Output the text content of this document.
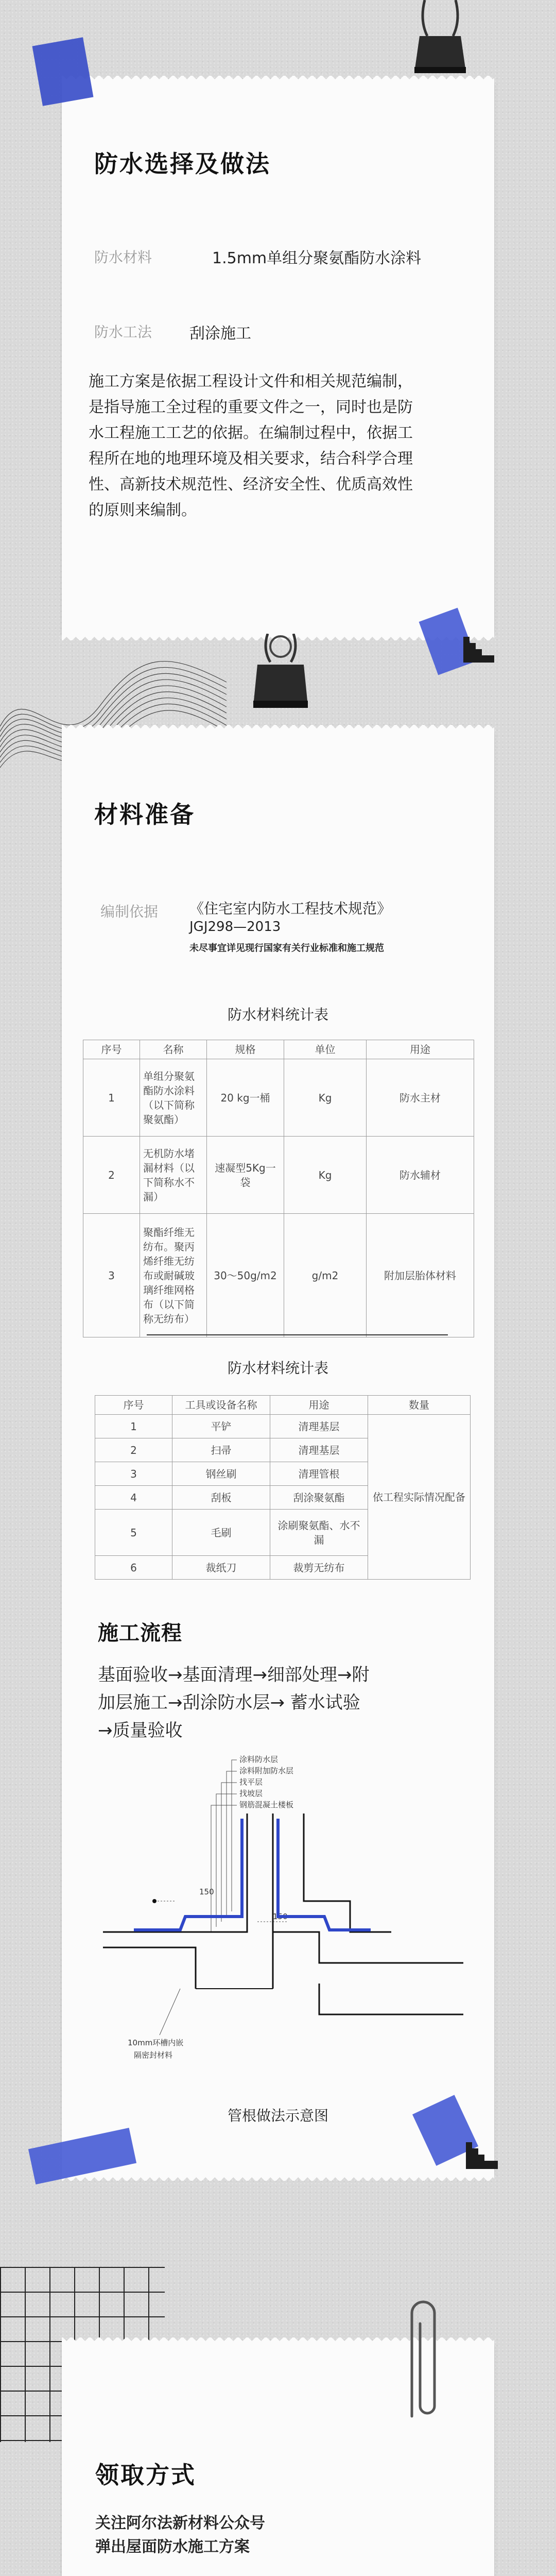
防水选择及做法
防水材料	1.5mm单组分聚氨酯防水涂料
防水工法 刮涂施工
施工方案是依据工程设计文件和相关规范编制，
是指导施工全过程的重要文件之一，同时也是防
水工程施工工艺的依据。在编制过程中，依据工
程所在地的地理环境及相关要求，结合科学合理
性、高新技术规范性、经济安全性、优质高效性
的原则来编制。
材料准备
编制依据 《住宅室内防水工程技术规范》
JGJ298—2013
未尽事宜详见现行国家有关行业标准和施工规范
防水材料统计表
序号	名称	规格	单位	用途
1	单组分聚氨酯防水涂料（以下简称聚氨酯）	20 kg一桶	Kg	防水主材
2	无机防水堵漏材料（以下简称水不漏）	速凝型5Kg一袋	Kg	防水辅材
3	聚酯纤维无纺布。聚丙烯纤维无纺布或耐碱玻璃纤维网格布（以下简称无纺布）	30～50g/m2	g/m2	附加层胎体材料
防水材料统计表
序号	工具或设备名称	用途	数量
1	平铲	清理基层	依工程实际情况配备
2	扫帚	清理基层	
3	钢丝刷	清理管根	
4	刮板	刮涂聚氨酯	
5	毛刷	涂刷聚氨酯、水不漏	
6	裁纸刀	裁剪无纺布	
施工流程
基面验收→基面清理→细部处理→附
加层施工→刮涂防水层→ 蓄水试验
→质量验收
涂料防水层
涂料附加防水层
找平层
找坡层
钢筋混凝土楼板
150
150
10mm环槽内嵌
隔密封材料
管根做法示意图
领取方式
关注阿尔法新材料公众号
弹出屋面防水施工方案
